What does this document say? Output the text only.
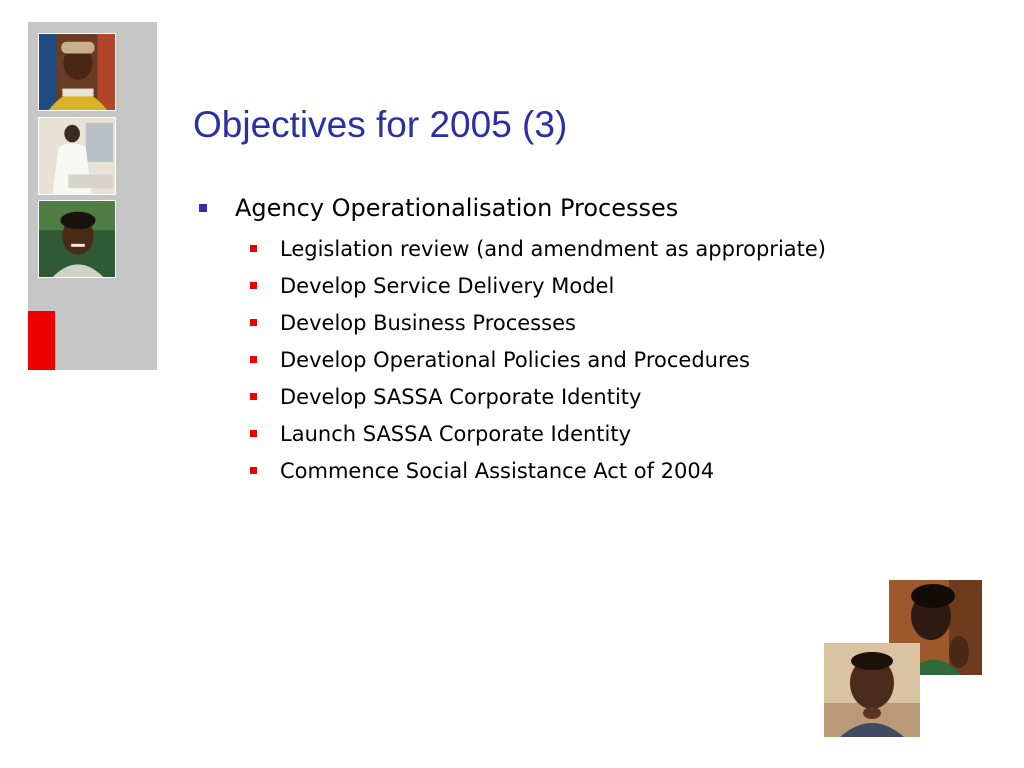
Objectives for 2005 (3)
Agency Operationalisation Processes
Legislation review (and amendment as appropriate)
Develop Service Delivery Model
Develop Business Processes
Develop Operational Policies and Procedures
Develop SASSA Corporate Identity
Launch SASSA Corporate Identity
Commence Social Assistance Act of 2004
